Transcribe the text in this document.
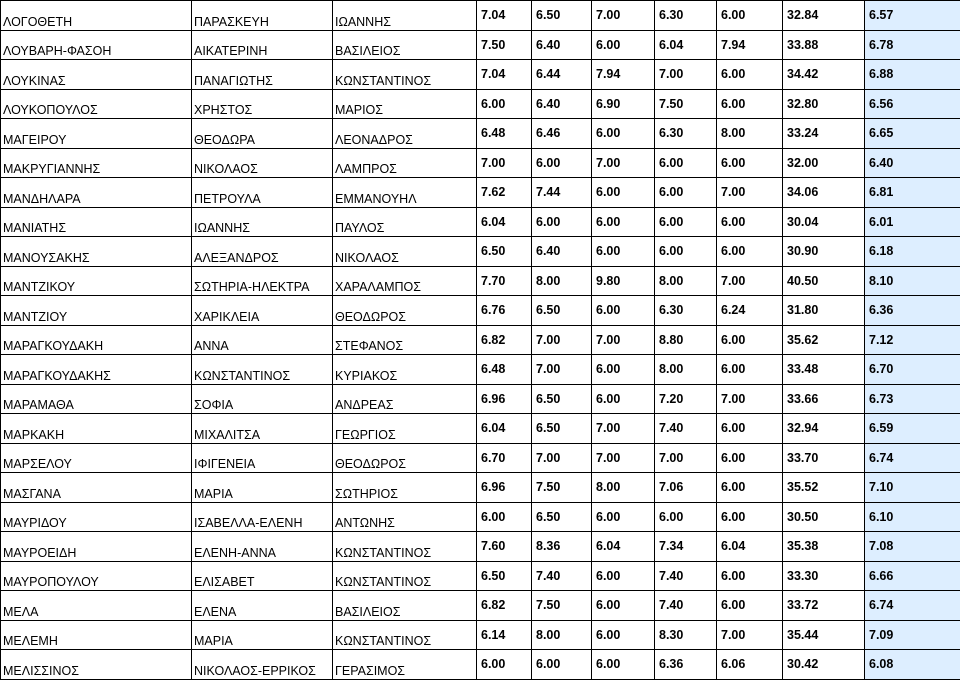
ΛΟΓΟΘΕΤΗ	ΠΑΡΑΣΚΕΥΗ	ΙΩΑΝΝΗΣ	7.04	6.50	7.00	6.30	6.00	32.84	6.57
ΛΟΥΒΑΡΗ-ΦΑΣΟΗ	ΑΙΚΑΤΕΡΙΝΗ	ΒΑΣΙΛΕΙΟΣ	7.50	6.40	6.00	6.04	7.94	33.88	6.78
ΛΟΥΚΙΝΑΣ	ΠΑΝΑΓΙΩΤΗΣ	ΚΩΝΣΤΑΝΤΙΝΟΣ	7.04	6.44	7.94	7.00	6.00	34.42	6.88
ΛΟΥΚΟΠΟΥΛΟΣ	ΧΡΗΣΤΟΣ	ΜΑΡΙΟΣ	6.00	6.40	6.90	7.50	6.00	32.80	6.56
ΜΑΓΕΙΡΟΥ	ΘΕΟΔΩΡΑ	ΛΕΟΝΑΔΡΟΣ	6.48	6.46	6.00	6.30	8.00	33.24	6.65
ΜΑΚΡΥΓΙΑΝΝΗΣ	ΝΙΚΟΛΑΟΣ	ΛΑΜΠΡΟΣ	7.00	6.00	7.00	6.00	6.00	32.00	6.40
ΜΑΝΔΗΛΑΡΑ	ΠΕΤΡΟΥΛΑ	ΕΜΜΑΝΟΥΗΛ	7.62	7.44	6.00	6.00	7.00	34.06	6.81
ΜΑΝΙΑΤΗΣ	ΙΩΑΝΝΗΣ	ΠΑΥΛΟΣ	6.04	6.00	6.00	6.00	6.00	30.04	6.01
ΜΑΝΟΥΣΑΚΗΣ	ΑΛΕΞΑΝΔΡΟΣ	ΝΙΚΟΛΑΟΣ	6.50	6.40	6.00	6.00	6.00	30.90	6.18
ΜΑΝΤΖΙΚΟΥ	ΣΩΤΗΡΙΑ-ΗΛΕΚΤΡΑ	ΧΑΡΑΛΑΜΠΟΣ	7.70	8.00	9.80	8.00	7.00	40.50	8.10
ΜΑΝΤΖΙΟΥ	ΧΑΡΙΚΛΕΙΑ	ΘΕΟΔΩΡΟΣ	6.76	6.50	6.00	6.30	6.24	31.80	6.36
ΜΑΡΑΓΚΟΥΔΑΚΗ	ΑΝΝΑ	ΣΤΕΦΑΝΟΣ	6.82	7.00	7.00	8.80	6.00	35.62	7.12
ΜΑΡΑΓΚΟΥΔΑΚΗΣ	ΚΩΝΣΤΑΝΤΙΝΟΣ	ΚΥΡΙΑΚΟΣ	6.48	7.00	6.00	8.00	6.00	33.48	6.70
ΜΑΡΑΜΑΘΑ	ΣΟΦΙΑ	ΑΝΔΡΕΑΣ	6.96	6.50	6.00	7.20	7.00	33.66	6.73
ΜΑΡΚΑΚΗ	ΜΙΧΑΛΙΤΣΑ	ΓΕΩΡΓΙΟΣ	6.04	6.50	7.00	7.40	6.00	32.94	6.59
ΜΑΡΣΕΛΟΥ	ΙΦΙΓΕΝΕΙΑ	ΘΕΟΔΩΡΟΣ	6.70	7.00	7.00	7.00	6.00	33.70	6.74
ΜΑΣΓΑΝΑ	ΜΑΡΙΑ	ΣΩΤΗΡΙΟΣ	6.96	7.50	8.00	7.06	6.00	35.52	7.10
ΜΑΥΡΙΔΟΥ	ΙΣΑΒΕΛΛΑ-ΕΛΕΝΗ	ΑΝΤΩΝΗΣ	6.00	6.50	6.00	6.00	6.00	30.50	6.10
ΜΑΥΡΟΕΙΔΗ	ΕΛΕΝΗ-ΑΝΝΑ	ΚΩΝΣΤΑΝΤΙΝΟΣ	7.60	8.36	6.04	7.34	6.04	35.38	7.08
ΜΑΥΡΟΠΟΥΛΟΥ	ΕΛΙΣΑΒΕΤ	ΚΩΝΣΤΑΝΤΙΝΟΣ	6.50	7.40	6.00	7.40	6.00	33.30	6.66
ΜΕΛΑ	ΕΛΕΝΑ	ΒΑΣΙΛΕΙΟΣ	6.82	7.50	6.00	7.40	6.00	33.72	6.74
ΜΕΛΕΜΗ	ΜΑΡΙΑ	ΚΩΝΣΤΑΝΤΙΝΟΣ	6.14	8.00	6.00	8.30	7.00	35.44	7.09
ΜΕΛΙΣΣΙΝΟΣ	ΝΙΚΟΛΑΟΣ-ΕΡΡΙΚΟΣ	ΓΕΡΑΣΙΜΟΣ	6.00	6.00	6.00	6.36	6.06	30.42	6.08
